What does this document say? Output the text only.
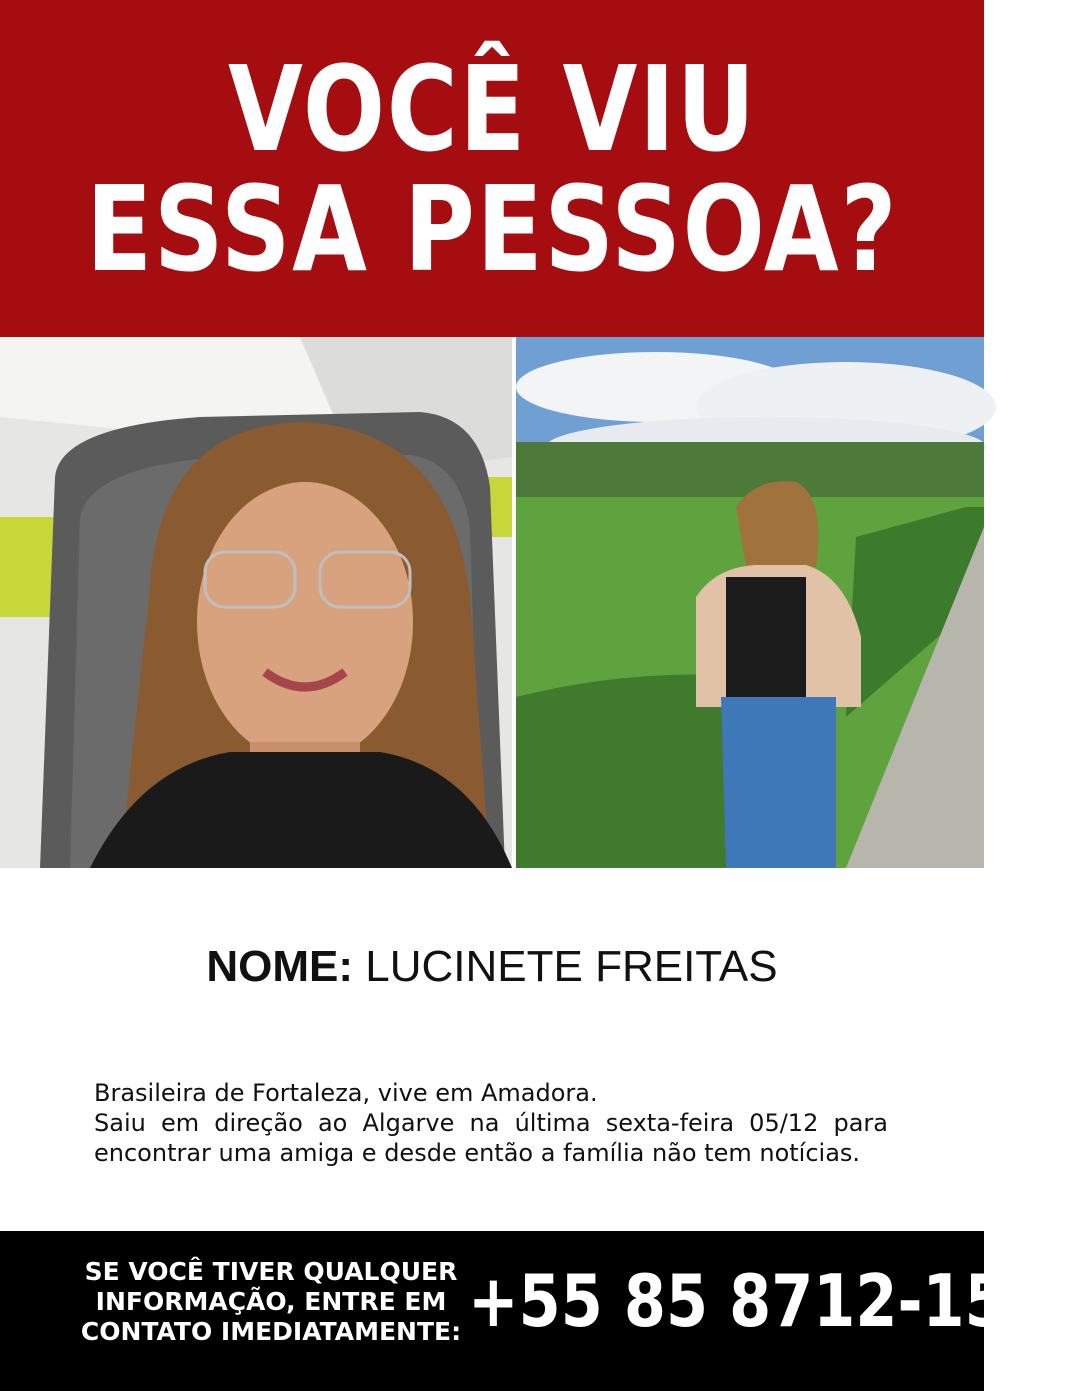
VOCÊ VIU
ESSA PESSOA?
NOME: LUCINETE FREITAS

Brasileira de Fortaleza, vive em Amadora.

Saiu em direção ao Algarve na última sexta-feira 05/12 para encontrar uma amiga e desde então a família não tem notícias.

SE VOCÊ TIVER QUALQUER
INFORMAÇÃO, ENTRE EM
CONTATO IMEDIATAMENTE: +55 85 8712-1583
